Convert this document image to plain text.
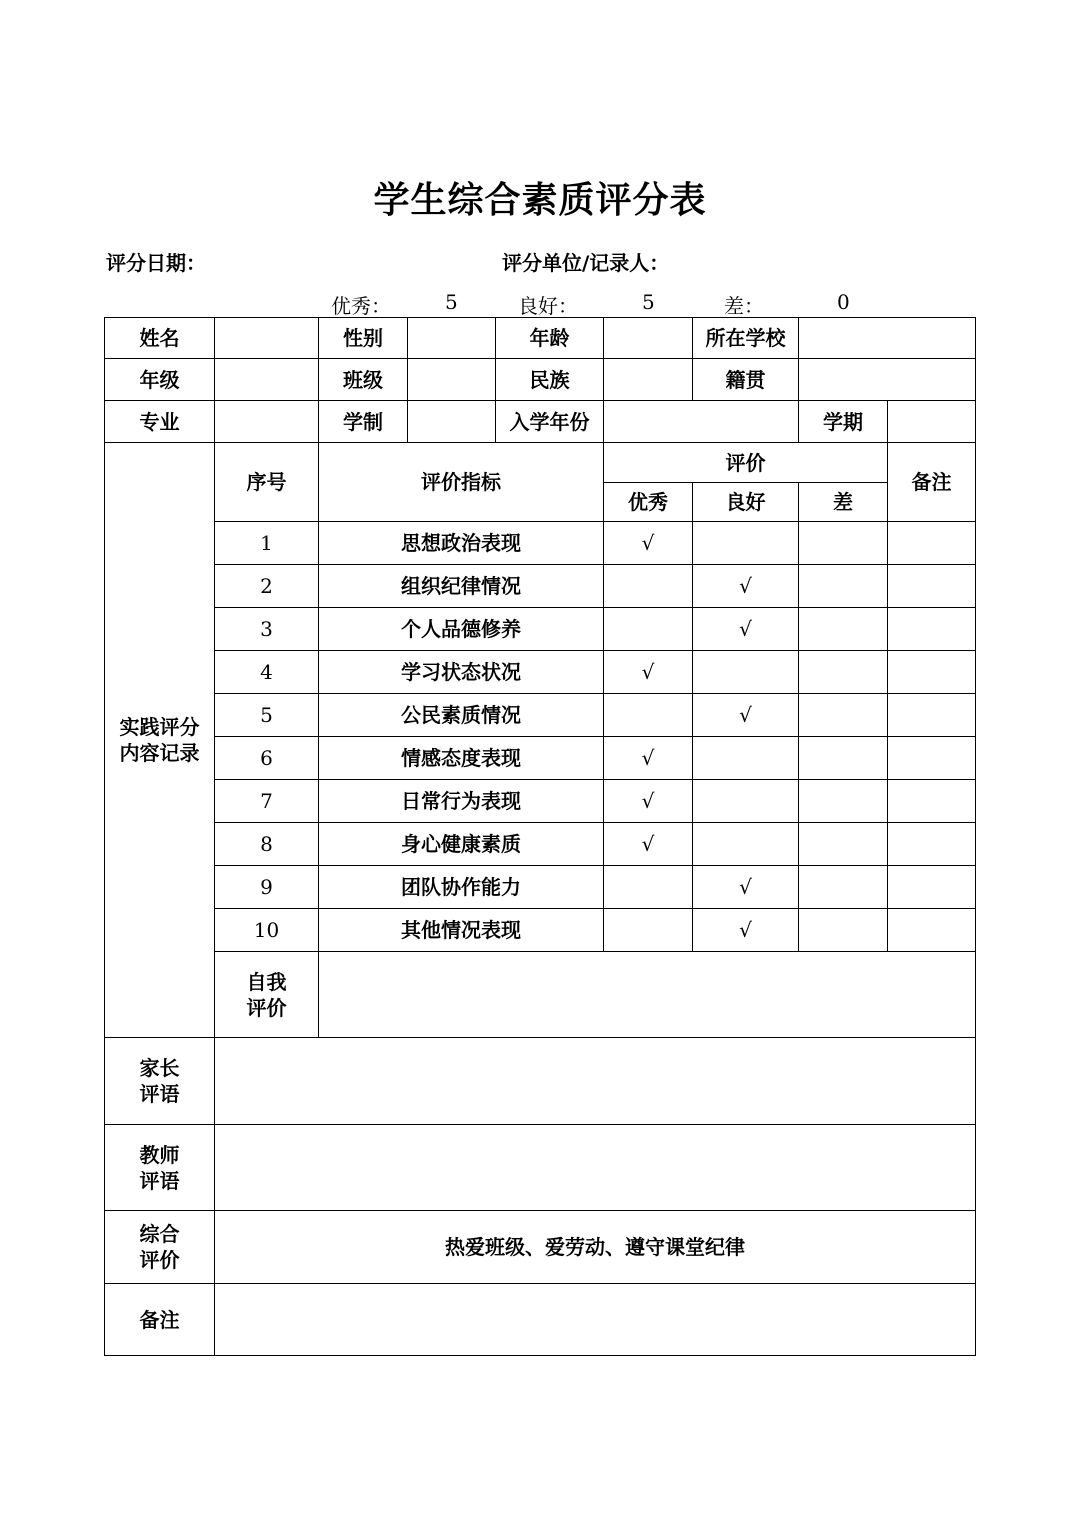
学生综合素质评分表
评分日期：	评分单位/记录人：
优秀：	5	良好：	5	差：	0
姓名		性别		年龄		所在学校		
年级		班级		民族		籍贯		
专业		学制		入学年份			学期	
实践评分
内容记录	序号	评价指标			评价			备注
					优秀	良好	差	
	1	思想政治表现			√			
	2	组织纪律情况				√		
	3	个人品德修养				√		
	4	学习状态状况			√			
	5	公民素质情况				√		
	6	情感态度表现			√			
	7	日常行为表现			√			
	8	身心健康素质			√			
	9	团队协作能力				√		
	10	其他情况表现				√		
	自我
评价							
家长
评语								
教师
评语								
综合
评价	热爱班级、爱劳动、遵守课堂纪律							
备注								
